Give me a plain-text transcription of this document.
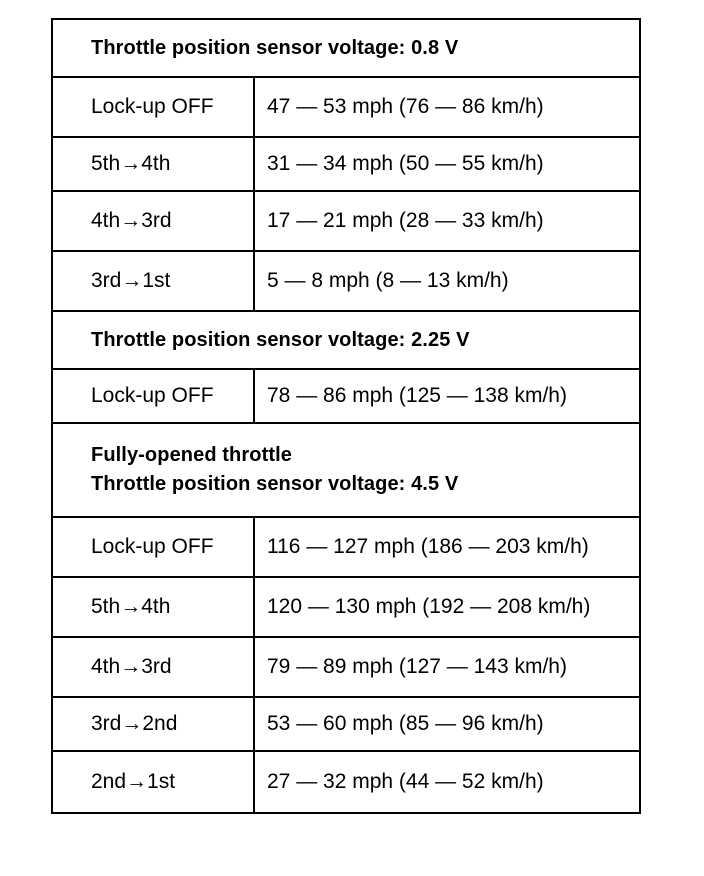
Throttle position sensor voltage: 0.8 V
Lock-up OFF	47 — 53 mph (76 — 86 km/h)
5th→4th	31 — 34 mph (50 — 55 km/h)
4th→3rd	17 — 21 mph (28 — 33 km/h)
3rd→1st	5 — 8 mph (8 — 13 km/h)
Throttle position sensor voltage: 2.25 V
Lock-up OFF	78 — 86 mph (125 — 138 km/h)
Fully-opened throttle
Throttle position sensor voltage: 4.5 V
Lock-up OFF	116 — 127 mph (186 — 203 km/h)
5th→4th	120 — 130 mph (192 — 208 km/h)
4th→3rd	79 — 89 mph (127 — 143 km/h)
3rd→2nd	53 — 60 mph (85 — 96 km/h)
2nd→1st	27 — 32 mph (44 — 52 km/h)
